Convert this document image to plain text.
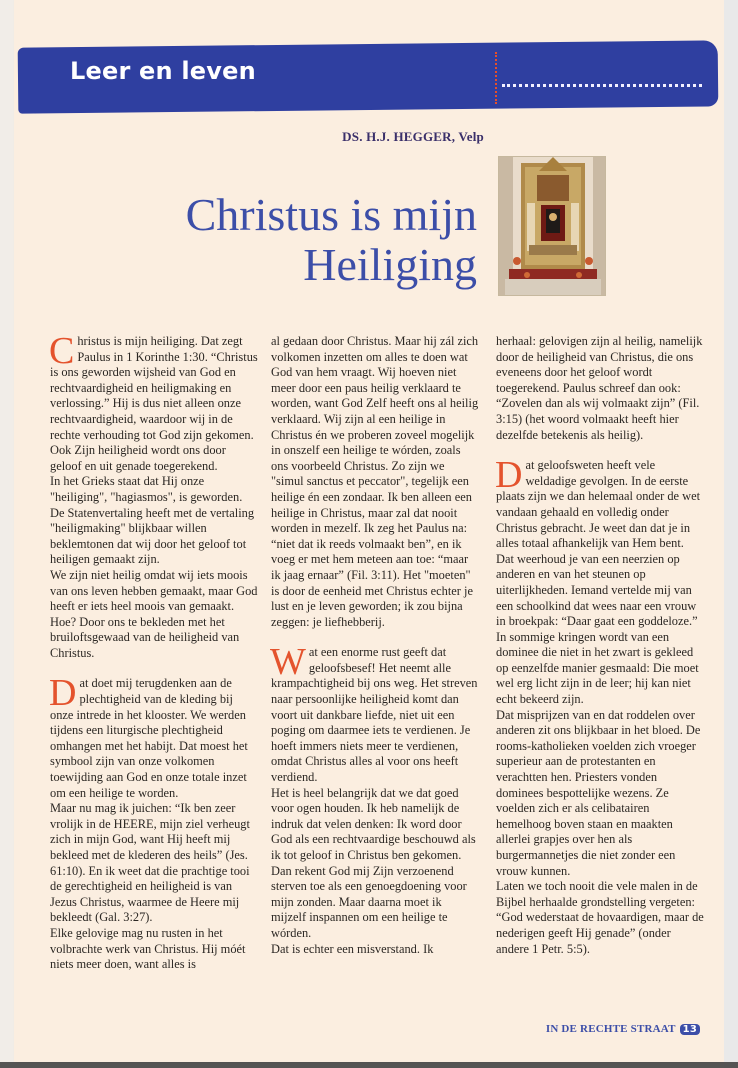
Leer en leven
DS. H.J. HEGGER, Velp
Christus is mijn
Heiliging

Christus is mijn heiliging. Dat zegt Paulus in 1 Korinthe 1:30. “Christus is ons geworden wijsheid van God en rechtvaardigheid en heiligmaking en verlossing.” Hij is dus niet alleen onze rechtvaardigheid, waardoor wij in de rechte verhouding tot God zijn gekomen. Ook Zijn heiligheid wordt ons door geloof en uit genade toegerekend.

In het Grieks staat dat Hij onze "heiliging", "hagiasmos", is geworden. De Statenvertaling heeft met de vertaling "heiligmaking" blijkbaar willen beklemtonen dat wij door het geloof tot heiligen gemaakt zijn.

We zijn niet heilig omdat wij iets moois van ons leven hebben gemaakt, maar God heeft er iets heel moois van gemaakt. Hoe? Door ons te bekleden met het bruiloftsgewaad van de heiligheid van Christus.

Dat doet mij terugdenken aan de plechtigheid van de kleding bij onze intrede in het klooster. We werden tijdens een liturgische plechtigheid omhangen met het habijt. Dat moest het symbool zijn van onze volkomen toewijding aan God en onze totale inzet om een heilige te worden.

Maar nu mag ik juichen: “Ik ben zeer vrolijk in de HEERE, mijn ziel verheugt zich in mijn God, want Hij heeft mij bekleed met de klederen des heils” (Jes. 61:10). En ik weet dat die prachtige tooi de gerechtigheid en heiligheid is van Jezus Christus, waarmee de Heere mij bekleedt (Gal. 3:27).

Elke gelovige mag nu rusten in het volbrachte werk van Christus. Hij móét niets meer doen, want alles is

al gedaan door Christus. Maar hij zál zich volkomen inzetten om alles te doen wat God van hem vraagt. Wij hoeven niet meer door een paus heilig verklaard te worden, want God Zelf heeft ons al heilig verklaard. Wij zijn al een heilige in Christus én we proberen zoveel mogelijk in onszelf een heilige te wórden, zoals ons voorbeeld Christus. Zo zijn we "simul sanctus et peccator", tegelijk een heilige én een zondaar. Ik ben alleen een heilige in Christus, maar zal dat nooit worden in mezelf. Ik zeg het Paulus na: “niet dat ik reeds volmaakt ben”, en ik voeg er met hem meteen aan toe: “maar ik jaag ernaar” (Fil. 3:11). Het "moeten" is door de eenheid met Christus echter je lust en je leven geworden; ik zou bijna zeggen: je liefhebberij.

Wat een enorme rust geeft dat geloofsbesef! Het neemt alle krampachtigheid bij ons weg. Het streven naar persoonlijke heiligheid komt dan voort uit dankbare liefde, niet uit een poging om daarmee iets te verdienen. Je hoeft immers niets meer te verdienen, omdat Christus alles al voor ons heeft verdiend.

Het is heel belangrijk dat we dat goed voor ogen houden. Ik heb namelijk de indruk dat velen denken: Ik word door God als een rechtvaardige beschouwd als ik tot geloof in Christus ben gekomen. Dan rekent God mij Zijn verzoenend sterven toe als een genoegdoening voor mijn zonden. Maar daarna moet ik mijzelf inspannen om een heilige te wórden.

Dat is echter een misverstand. Ik

herhaal: gelovigen zijn al heilig, namelijk door de heiligheid van Christus, die ons eveneens door het geloof wordt toegerekend. Paulus schreef dan ook: “Zovelen dan als wij volmaakt zijn” (Fil. 3:15) (het woord volmaakt heeft hier dezelfde betekenis als heilig).

Dat geloofsweten heeft vele weldadige gevolgen. In de eerste plaats zijn we dan helemaal onder de wet vandaan gehaald en volledig onder Christus gebracht. Je weet dan dat je in alles totaal afhankelijk van Hem bent.

Dat weerhoud je van een neerzien op anderen en van het steunen op uiterlijkheden. Iemand vertelde mij van een schoolkind dat wees naar een vrouw in broekpak: “Daar gaat een goddeloze.” In sommige kringen wordt van een dominee die niet in het zwart is gekleed op eenzelfde manier gesmaald: Die moet wel erg licht zijn in de leer; hij kan niet echt bekeerd zijn.

Dat misprijzen van en dat roddelen over anderen zit ons blijkbaar in het bloed. De rooms-katholieken voelden zich vroeger superieur aan de protestanten en verachtten hen. Priesters vonden dominees bespottelijke wezens. Ze voelden zich er als celibatairen hemelhoog boven staan en maakten allerlei grapjes over hen als burgermannetjes die niet zonder een vrouw kunnen.

Laten we toch nooit die vele malen in de Bijbel herhaalde grondstelling vergeten: “God wederstaat de hovaardigen, maar de nederigen geeft Hij genade” (onder andere 1 Petr. 5:5).

IN DE RECHTE STRAAT 13
